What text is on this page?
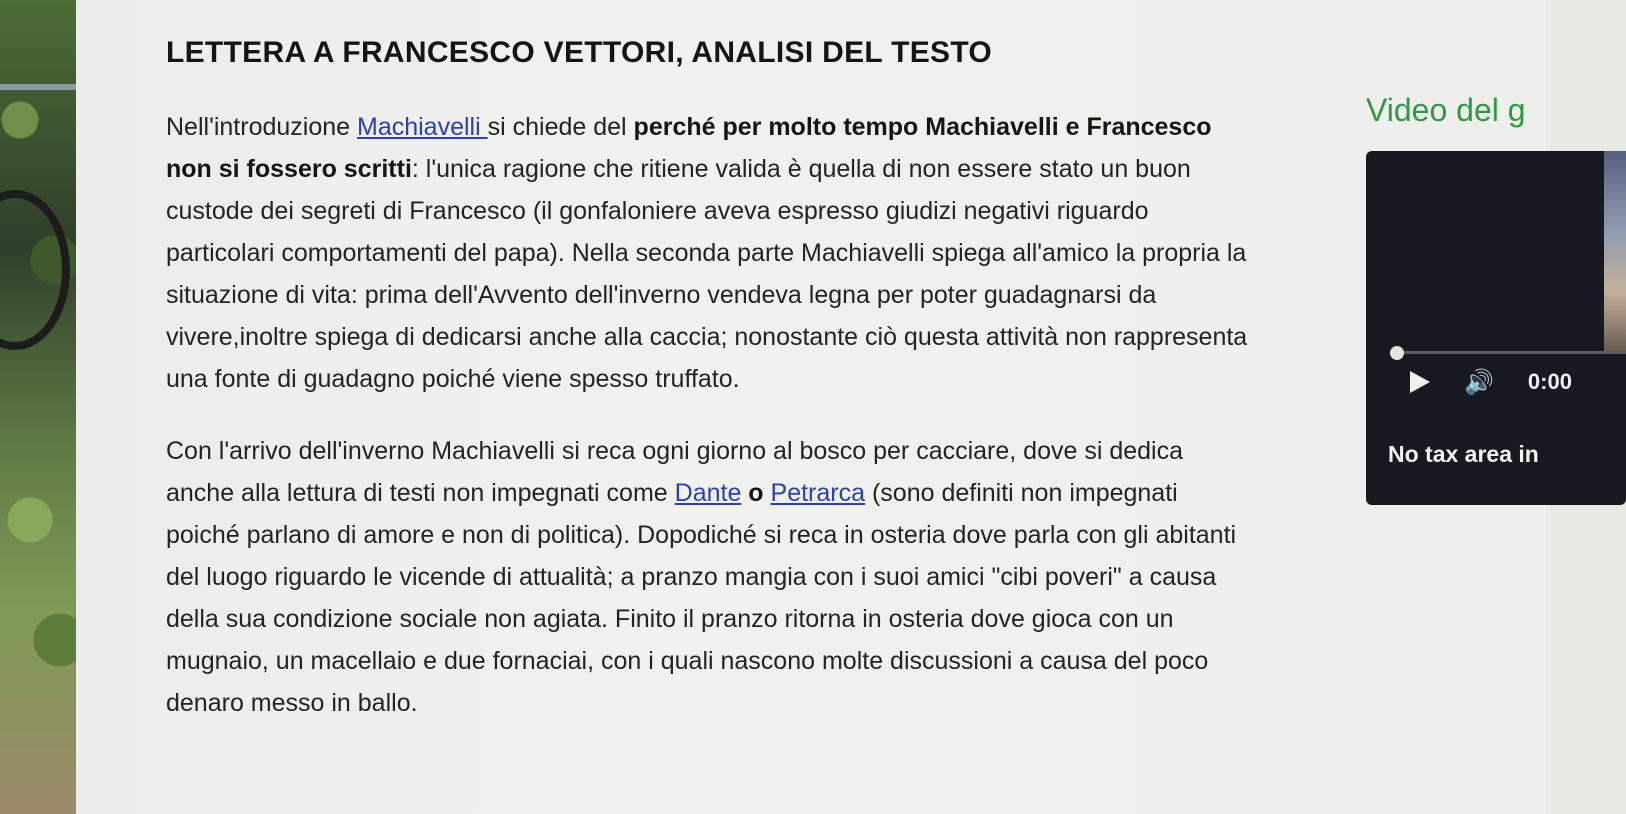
LETTERA A FRANCESCO VETTORI, ANALISI DEL TESTO

Nell'introduzione Machiavelli si chiede del perché per molto tempo Machiavelli e Francesco non si fossero scritti: l'unica ragione che ritiene valida è quella di non essere stato un buon custode dei segreti di Francesco (il gonfaloniere aveva espresso giudizi negativi riguardo particolari comportamenti del papa). Nella seconda parte Machiavelli spiega all'amico la propria la situazione di vita: prima dell'Avvento dell'inverno vendeva legna per poter guadagnarsi da vivere,inoltre spiega di dedicarsi anche alla caccia; nonostante ciò questa attività non rappresenta una fonte di guadagno poiché viene spesso truffato.

Con l'arrivo dell'inverno Machiavelli si reca ogni giorno al bosco per cacciare, dove si dedica anche alla lettura di testi non impegnati come Dante o Petrarca (sono definiti non impegnati poiché parlano di amore e non di politica). Dopodiché si reca in osteria dove parla con gli abitanti del luogo riguardo le vicende di attualità; a pranzo mangia con i suoi amici "cibi poveri" a causa della sua condizione sociale non agiata. Finito il pranzo ritorna in osteria dove gioca con un mugnaio, un macellaio e due fornaciai, con i quali nascono molte discussioni a causa del poco denaro messo in ballo.

Video del g
🔊 0:00
No tax area in
